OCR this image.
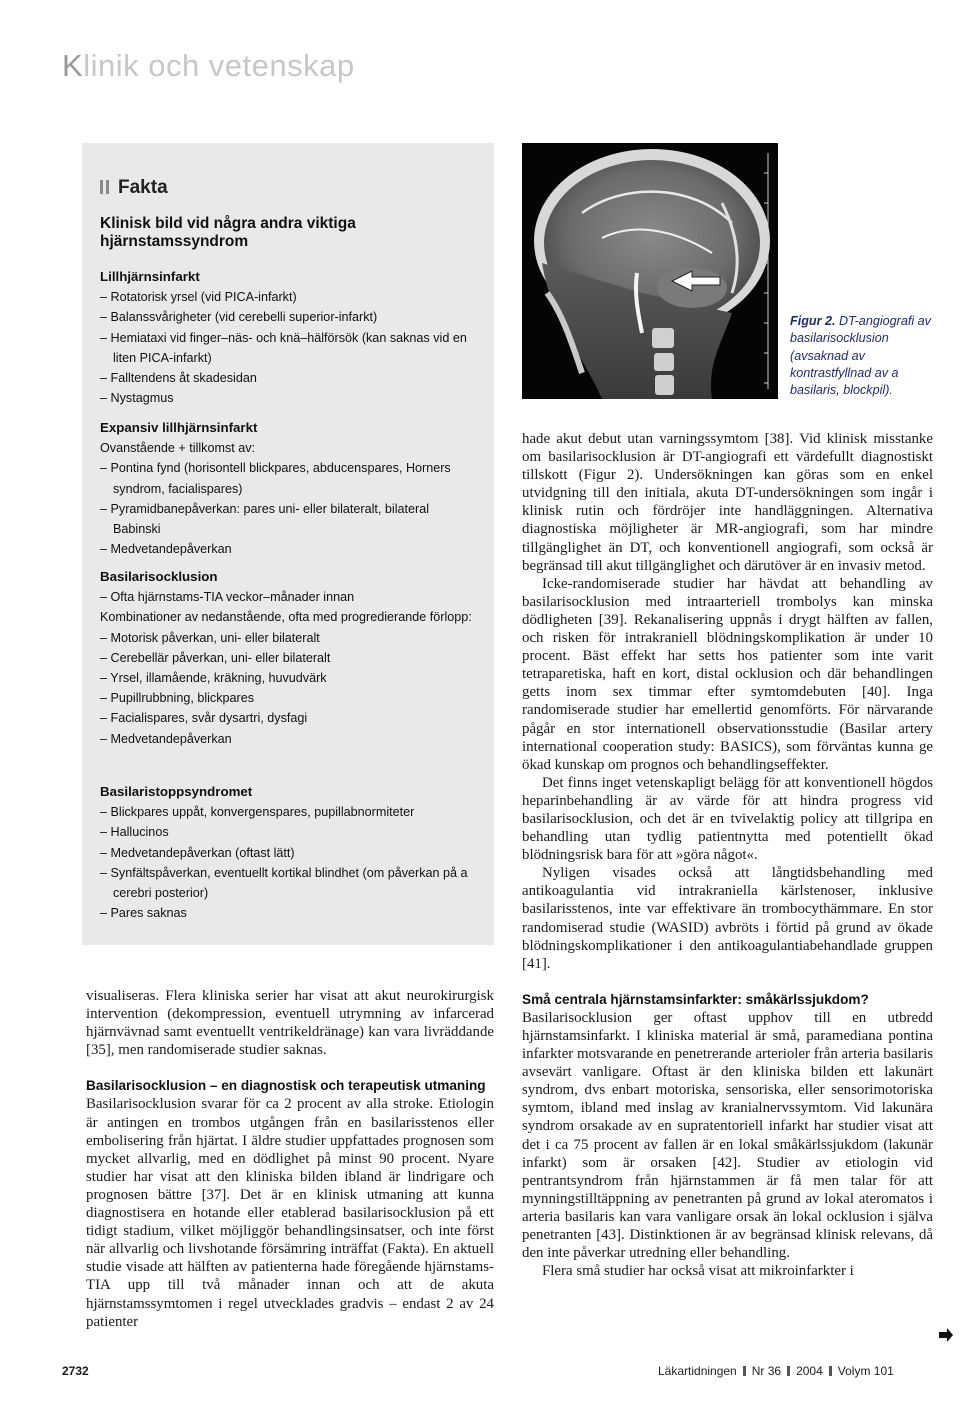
Klinik och vetenskap
Fakta
Klinisk bild vid några andra viktiga hjärnstamssyndrom
Lillhjärnsinfarkt
– Rotatorisk yrsel (vid PICA-infarkt)
– Balanssvårigheter (vid cerebelli superior-infarkt)
– Hemiataxi vid finger–näs- och knä–hälförsök (kan saknas vid en liten PICA-infarkt)
– Falltendens åt skadesidan
– Nystagmus
Expansiv lillhjärnsinfarkt
Ovanstående + tillkomst av:
– Pontina fynd (horisontell blickpares, abducenspares, Horners syndrom, facialispares)
– Pyramidbanepåverkan: pares uni- eller bilateralt, bilateral Babinski
– Medvetandepåverkan
Basilarisocklusion
– Ofta hjärnstams-TIA veckor–månader innan
Kombinationer av nedanstående, ofta med progredierande förlopp:
– Motorisk påverkan, uni- eller bilateralt
– Cerebellär påverkan, uni- eller bilateralt
– Yrsel, illamående, kräkning, huvudvärk
– Pupillrubbning, blickpares
– Facialispares, svår dysartri, dysfagi
– Medvetandepåverkan
Basilaristoppsyndromet
– Blickpares uppåt, konvergenspares, pupillabnormiteter
– Hallucinos
– Medvetandepåverkan (oftast lätt)
– Synfältspåverkan, eventuellt kortikal blindhet (om påverkan på a cerebri posterior)
– Pares saknas
Figur 2. DT-angiografi av basilarisocklusion (avsaknad av kontrastfyllnad av a basilaris, blockpil).

visualiseras. Flera kliniska serier har visat att akut neurokirurgisk intervention (dekompression, eventuell utrymning av infarcerad hjärnvävnad samt eventuellt ventrikeldränage) kan vara livräddande [35], men randomiserade studier saknas.

Basilarisocklusion – en diagnostisk och terapeutisk utmaning

Basilarisocklusion svarar för ca 2 procent av alla stroke. Etiologin är antingen en trombos utgången från en basilarisstenos eller embolisering från hjärtat. I äldre studier uppfattades prognosen som mycket allvarlig, med en dödlighet på minst 90 procent. Nyare studier har visat att den kliniska bilden ibland är lindrigare och prognosen bättre [37]. Det är en klinisk utmaning att kunna diagnostisera en hotande eller etablerad basilarisocklusion på ett tidigt stadium, vilket möjliggör behandlingsinsatser, och inte först när allvarlig och livshotande försämring inträffat (Fakta). En aktuell studie visade att hälften av patienterna hade föregående hjärnstams-TIA upp till två månader innan och att de akuta hjärnstamssymtomen i regel utvecklades gradvis – endast 2 av 24 patienter

hade akut debut utan varningssymtom [38]. Vid klinisk misstanke om basilarisocklusion är DT-angiografi ett värdefullt diagnostiskt tillskott (Figur 2). Undersökningen kan göras som en enkel utvidgning till den initiala, akuta DT-undersökningen som ingår i klinisk rutin och fördröjer inte handläggningen. Alternativa diagnostiska möjligheter är MR-angiografi, som har mindre tillgänglighet än DT, och konventionell angiografi, som också är begränsad till akut tillgänglighet och därutöver är en invasiv metod.

Icke-randomiserade studier har hävdat att behandling av basilarisocklusion med intraarteriell trombolys kan minska dödligheten [39]. Rekanalisering uppnås i drygt hälften av fallen, och risken för intrakraniell blödningskomplikation är under 10 procent. Bäst effekt har setts hos patienter som inte varit tetraparetiska, haft en kort, distal ocklusion och där behandlingen getts inom sex timmar efter symtomdebuten [40]. Inga randomiserade studier har emellertid genomförts. För närvarande pågår en stor internationell observationsstudie (Basilar artery international cooperation study: BASICS), som förväntas kunna ge ökad kunskap om prognos och behandlingseffekter.

Det finns inget vetenskapligt belägg för att konventionell högdos heparinbehandling är av värde för att hindra progress vid basilarisocklusion, och det är en tvivelaktig policy att tillgripa en behandling utan tydlig patientnytta med potentiellt ökad blödningsrisk bara för att »göra något«.

Nyligen visades också att långtidsbehandling med antikoagulantia vid intrakraniella kärlstenoser, inklusive basilarisstenos, inte var effektivare än trombocythämmare. En stor randomiserad studie (WASID) avbröts i förtid på grund av ökade blödningskomplikationer i den antikoagulantiabehandlade gruppen [41].

Små centrala hjärnstamsinfarkter: småkärlssjukdom?

Basilarisocklusion ger oftast upphov till en utbredd hjärnstamsinfarkt. I kliniska material är små, paramediana pontina infarkter motsvarande en penetrerande arterioler från arteria basilaris avsevärt vanligare. Oftast är den kliniska bilden ett lakunärt syndrom, dvs enbart motoriska, sensoriska, eller sensorimotoriska symtom, ibland med inslag av kranialnervssymtom. Vid lakunära syndrom orsakade av en supratentoriell infarkt har studier visat att det i ca 75 procent av fallen är en lokal småkärlssjukdom (lakunär infarkt) som är orsaken [42]. Studier av etiologin vid pentrantsyndrom från hjärnstammen är få men talar för att mynningstilltäppning av penetranten på grund av lokal ateromatos i arteria basilaris kan vara vanligare orsak än lokal ocklusion i själva penetranten [43]. Distinktionen är av begränsad klinisk relevans, då den inte påverkar utredning eller behandling.

Flera små studier har också visat att mikroinfarkter i

2732	Läkartidningen Nr 36 2004 Volym 101
